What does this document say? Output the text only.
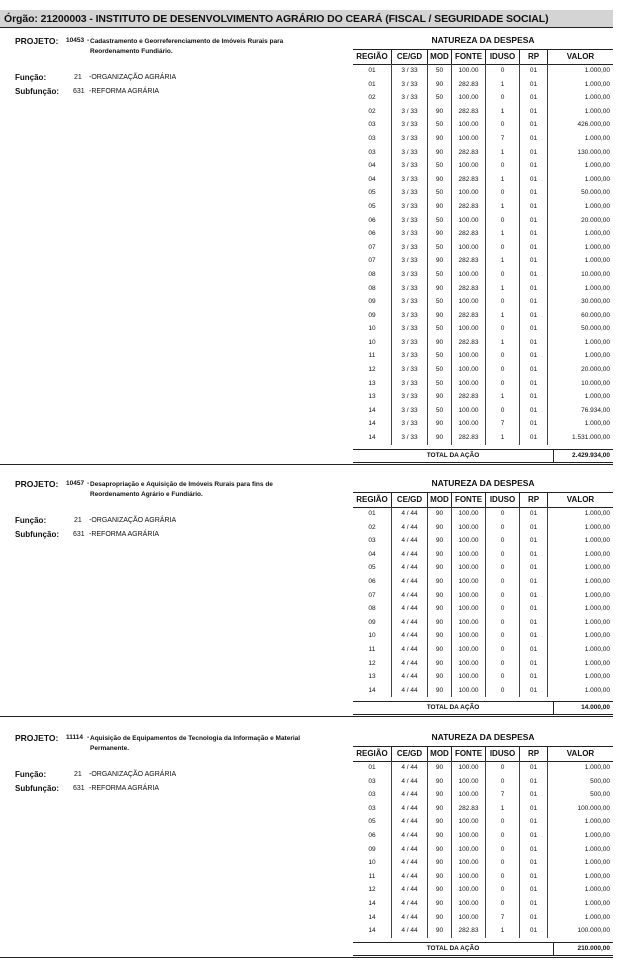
Órgão: 21200003 - INSTITUTO DE DESENVOLVIMENTO AGRÁRIO DO CEARÁ (FISCAL / SEGURIDADE SOCIAL)
PROJETO: 10453 - Cadastramento e Georreferenciamento de Imóveis Rurais para Reordenamento Fundiário.
Função:	21 -ORGANIZAÇÃO AGRÁRIA
Subfunção: 631 -REFORMA AGRÁRIA
NATUREZA DA DESPESA
REGIÃO	CE/GD MOD FONTE IDUSO	RP	VALOR
01	3 / 33	50	100.00	0	01	1.000,00
01	3 / 33	90	282.83	1	01	1.000,00
02	3 / 33	50	100.00	0	01	1.000,00
02	3 / 33	90	282.83	1	01	1.000,00
03	3 / 33	50	100.00	0	01	426.000,00
03	3 / 33	90	100.00	7	01	1.000,00
03	3 / 33	90	282.83	1	01	130.000,00
04	3 / 33	50	100.00	0	01	1.000,00
04	3 / 33	90	282.83	1	01	1.000,00
05	3 / 33	50	100.00	0	01	50.000,00
05	3 / 33	90	282.83	1	01	1.000,00
06	3 / 33	50	100.00	0	01	20.000,00
06	3 / 33	90	282.83	1	01	1.000,00
07	3 / 33	50	100.00	0	01	1.000,00
07	3 / 33	90	282.83	1	01	1.000,00
08	3 / 33	50	100.00	0	01	10.000,00
08	3 / 33	90	282.83	1	01	1.000,00
09	3 / 33	50	100.00	0	01	30.000,00
09	3 / 33	90	282.83	1	01	60.000,00
10	3 / 33	50	100.00	0	01	50.000,00
10	3 / 33	90	282.83	1	01	1.000,00
11	3 / 33	50	100.00	0	01	1.000,00
12	3 / 33	50	100.00	0	01	20.000,00
13	3 / 33	50	100.00	0	01	10.000,00
13	3 / 33	90	282.83	1	01	1.000,00
14	3 / 33	50	100.00	0	01	76.934,00
14	3 / 33	90	100.00	7	01	1.000,00
14	3 / 33	90	282.83	1	01	1.531.000,00
TOTAL DA AÇÃO	2.429.934,00
PROJETO: 10457 - Desapropriação e Aquisição de Imóveis Rurais para fins de Reordenamento Agrário e Fundiário.
Função:	21 -ORGANIZAÇÃO AGRÁRIA
Subfunção: 631 -REFORMA AGRÁRIA
NATUREZA DA DESPESA
REGIÃO	CE/GD MOD FONTE IDUSO	RP	VALOR
01	4 / 44	90	100.00	0	01	1.000,00
02	4 / 44	90	100.00	0	01	1.000,00
03	4 / 44	90	100.00	0	01	1.000,00
04	4 / 44	90	100.00	0	01	1.000,00
05	4 / 44	90	100.00	0	01	1.000,00
06	4 / 44	90	100.00	0	01	1.000,00
07	4 / 44	90	100.00	0	01	1.000,00
08	4 / 44	90	100.00	0	01	1.000,00
09	4 / 44	90	100.00	0	01	1.000,00
10	4 / 44	90	100.00	0	01	1.000,00
11	4 / 44	90	100.00	0	01	1.000,00
12	4 / 44	90	100.00	0	01	1.000,00
13	4 / 44	90	100.00	0	01	1.000,00
14	4 / 44	90	100.00	0	01	1.000,00
TOTAL DA AÇÃO	14.000,00
PROJETO: 11114 - Aquisição de Equipamentos de Tecnologia da Informação e Material Permanente.
Função:	21 -ORGANIZAÇÃO AGRÁRIA
Subfunção: 631 -REFORMA AGRÁRIA
NATUREZA DA DESPESA
REGIÃO	CE/GD MOD FONTE IDUSO	RP	VALOR
01	4 / 44	90	100.00	0	01	1.000,00
03	4 / 44	90	100.00	0	01	500,00
03	4 / 44	90	100.00	7	01	500,00
03	4 / 44	90	282.83	1	01	100.000,00
05	4 / 44	90	100.00	0	01	1.000,00
06	4 / 44	90	100.00	0	01	1.000,00
09	4 / 44	90	100.00	0	01	1.000,00
10	4 / 44	90	100.00	0	01	1.000,00
11	4 / 44	90	100.00	0	01	1.000,00
12	4 / 44	90	100.00	0	01	1.000,00
14	4 / 44	90	100.00	0	01	1.000,00
14	4 / 44	90	100.00	7	01	1.000,00
14	4 / 44	90	282.83	1	01	100.000,00
TOTAL DA AÇÃO	210.000,00
